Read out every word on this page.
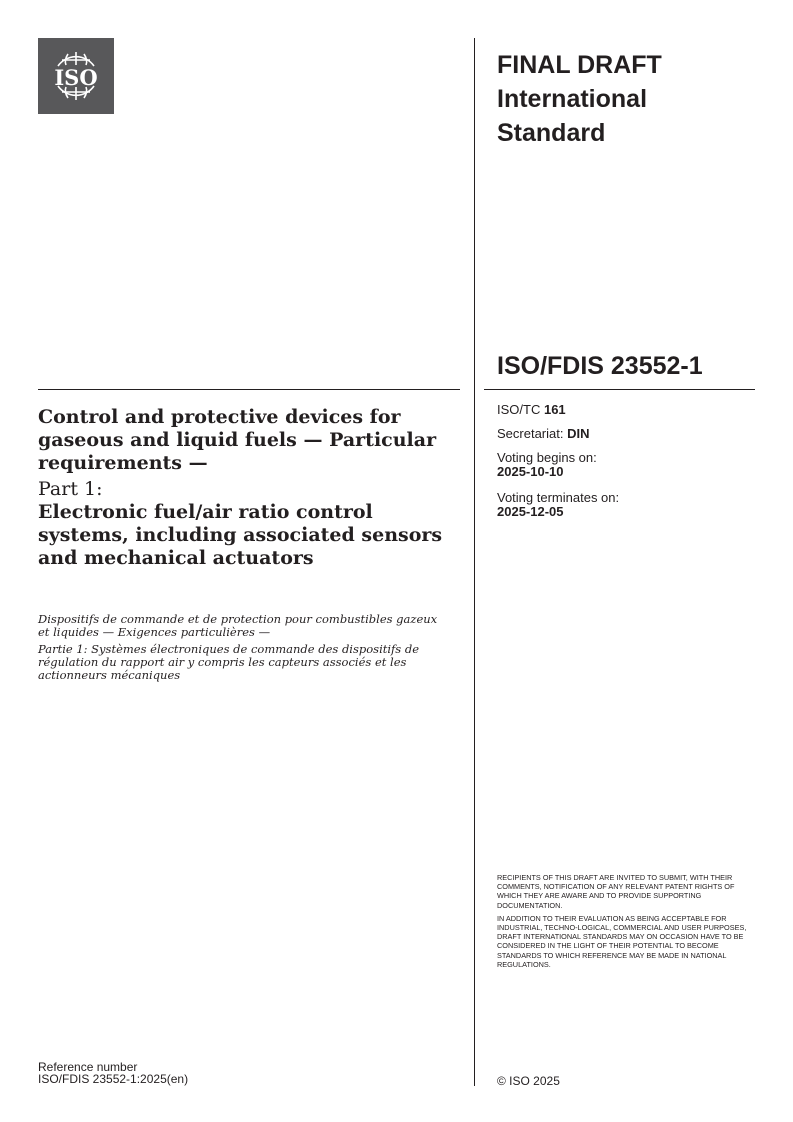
ISO	FINAL DRAFT
International
Standard
ISO/FDIS 23552-1
ISO/TC 161
Secretariat: DIN
Voting begins on:
2025-10-10
Voting terminates on:
2025-12-05
Control and protective devices for gaseous and liquid fuels — Particular requirements —
Part 1:
Electronic fuel/air ratio control systems, including associated sensors and mechanical actuators
Dispositifs de commande et de protection pour combustibles gazeux et liquides — Exigences particulières —
Partie 1: Systèmes électroniques de commande des dispositifs de régulation du rapport air y compris les capteurs associés et les actionneurs mécaniques

RECIPIENTS OF THIS DRAFT ARE INVITED TO SUBMIT, WITH THEIR COMMENTS, NOTIFICATION OF ANY RELEVANT PATENT RIGHTS OF WHICH THEY ARE AWARE AND TO PROVIDE SUPPORTING DOCUMENTATION.

IN ADDITION TO THEIR EVALUATION AS BEING ACCEPTABLE FOR INDUSTRIAL, TECHNO-LOGICAL, COMMERCIAL AND USER PURPOSES, DRAFT INTERNATIONAL STANDARDS MAY ON OCCASION HAVE TO BE CONSIDERED IN THE LIGHT OF THEIR POTENTIAL TO BECOME STANDARDS TO WHICH REFERENCE MAY BE MADE IN NATIONAL REGULATIONS.

Reference number
ISO/FDIS 23552-1:2025(en)	© ISO 2025
